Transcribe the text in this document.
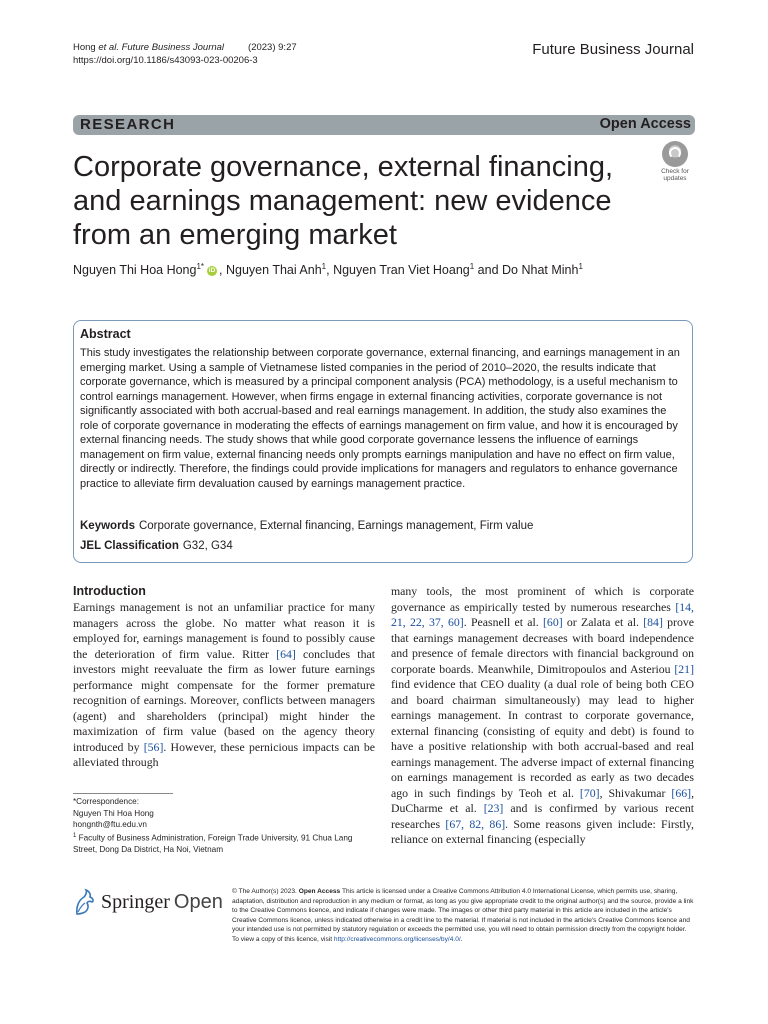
Hong et al. Future Business Journal	(2023) 9:27
https://doi.org/10.1186/s43093-023-00206-3
Future Business Journal
RESEARCH	Open Access
Check for
updates
Corporate governance, external financing, and earnings management: new evidence from an emerging market
Nguyen Thi Hoa Hong$^{1*}$ iD , Nguyen Thai Anh$^1$, Nguyen Tran Viet Hoang$^1$ and Do Nhat Minh$^1$
Abstract
This study investigates the relationship between corporate governance, external financing, and earnings management in an emerging market. Using a sample of Vietnamese listed companies in the period of 2010–2020, the results indicate that corporate governance, which is measured by a principal component analysis (PCA) methodology, is a useful mechanism to control earnings management. However, when firms engage in external financing activities, corporate governance is not significantly associated with both accrual-based and real earnings management. In addition, the study also examines the role of corporate governance in moderating the effects of earnings management on firm value, and how it is encouraged by external financing needs. The study shows that while good corporate governance lessens the influence of earnings management on firm value, external financing needs only prompts earnings manipulation and have no effect on firm value, directly or indirectly. Therefore, the findings could provide implications for managers and regulators to enhance governance practice to alleviate firm devaluation caused by earnings management practice.
Keywords Corporate governance, External financing, Earnings management, Firm value
JEL Classification G32, G34
Introduction
Earnings management is not an unfamiliar practice for many managers across the globe. No matter what reason it is employed for, earnings management is found to possibly cause the deterioration of firm value. Ritter [64] concludes that investors might reevaluate the firm as lower future earnings performance might compensate for the former premature recognition of earnings. Moreover, conflicts between managers (agent) and shareholders (principal) might hinder the maximization of firm value (based on the agency theory introduced by [56]. However, these pernicious impacts can be alleviated through
many tools, the most prominent of which is corporate governance as empirically tested by numerous researches [14, 21, 22, 37, 60]. Peasnell et al. [60] or Zalata et al. [84] prove that earnings management decreases with board independence and presence of female directors with financial background on corporate boards. Meanwhile, Dimitropoulos and Asteriou [21] find evidence that CEO duality (a dual role of being both CEO and board chairman simultaneously) may lead to higher earnings management. In contrast to corporate governance, external financing (consisting of equity and debt) is found to have a positive relationship with both accrual-based and real earnings management. The adverse impact of external financing on earnings management is recorded as early as two decades ago in such findings by Teoh et al. [70], Shivakumar [66], DuCharme et al. [23] and is confirmed by various recent researches [67, 82, 86]. Some reasons given include: Firstly, reliance on external financing (especially
*Correspondence:
Nguyen Thi Hoa Hong
hongnth@ftu.edu.vn
$^1$ Faculty of Business Administration, Foreign Trade University, 91 Chua Lang Street, Dong Da District, Ha Noi, Vietnam
Springer Open © The Author(s) 2023. Open Access This article is licensed under a Creative Commons Attribution 4.0 International License, which permits use, sharing, adaptation, distribution and reproduction in any medium or format, as long as you give appropriate credit to the original author(s) and the source, provide a link to the Creative Commons licence, and indicate if changes were made. The images or other third party material in this article are included in the article's Creative Commons licence, unless indicated otherwise in a credit line to the material. If material is not included in the article's Creative Commons licence and your intended use is not permitted by statutory regulation or exceeds the permitted use, you will need to obtain permission directly from the copyright holder. To view a copy of this licence, visit http://creativecommons.org/licenses/by/4.0/.
